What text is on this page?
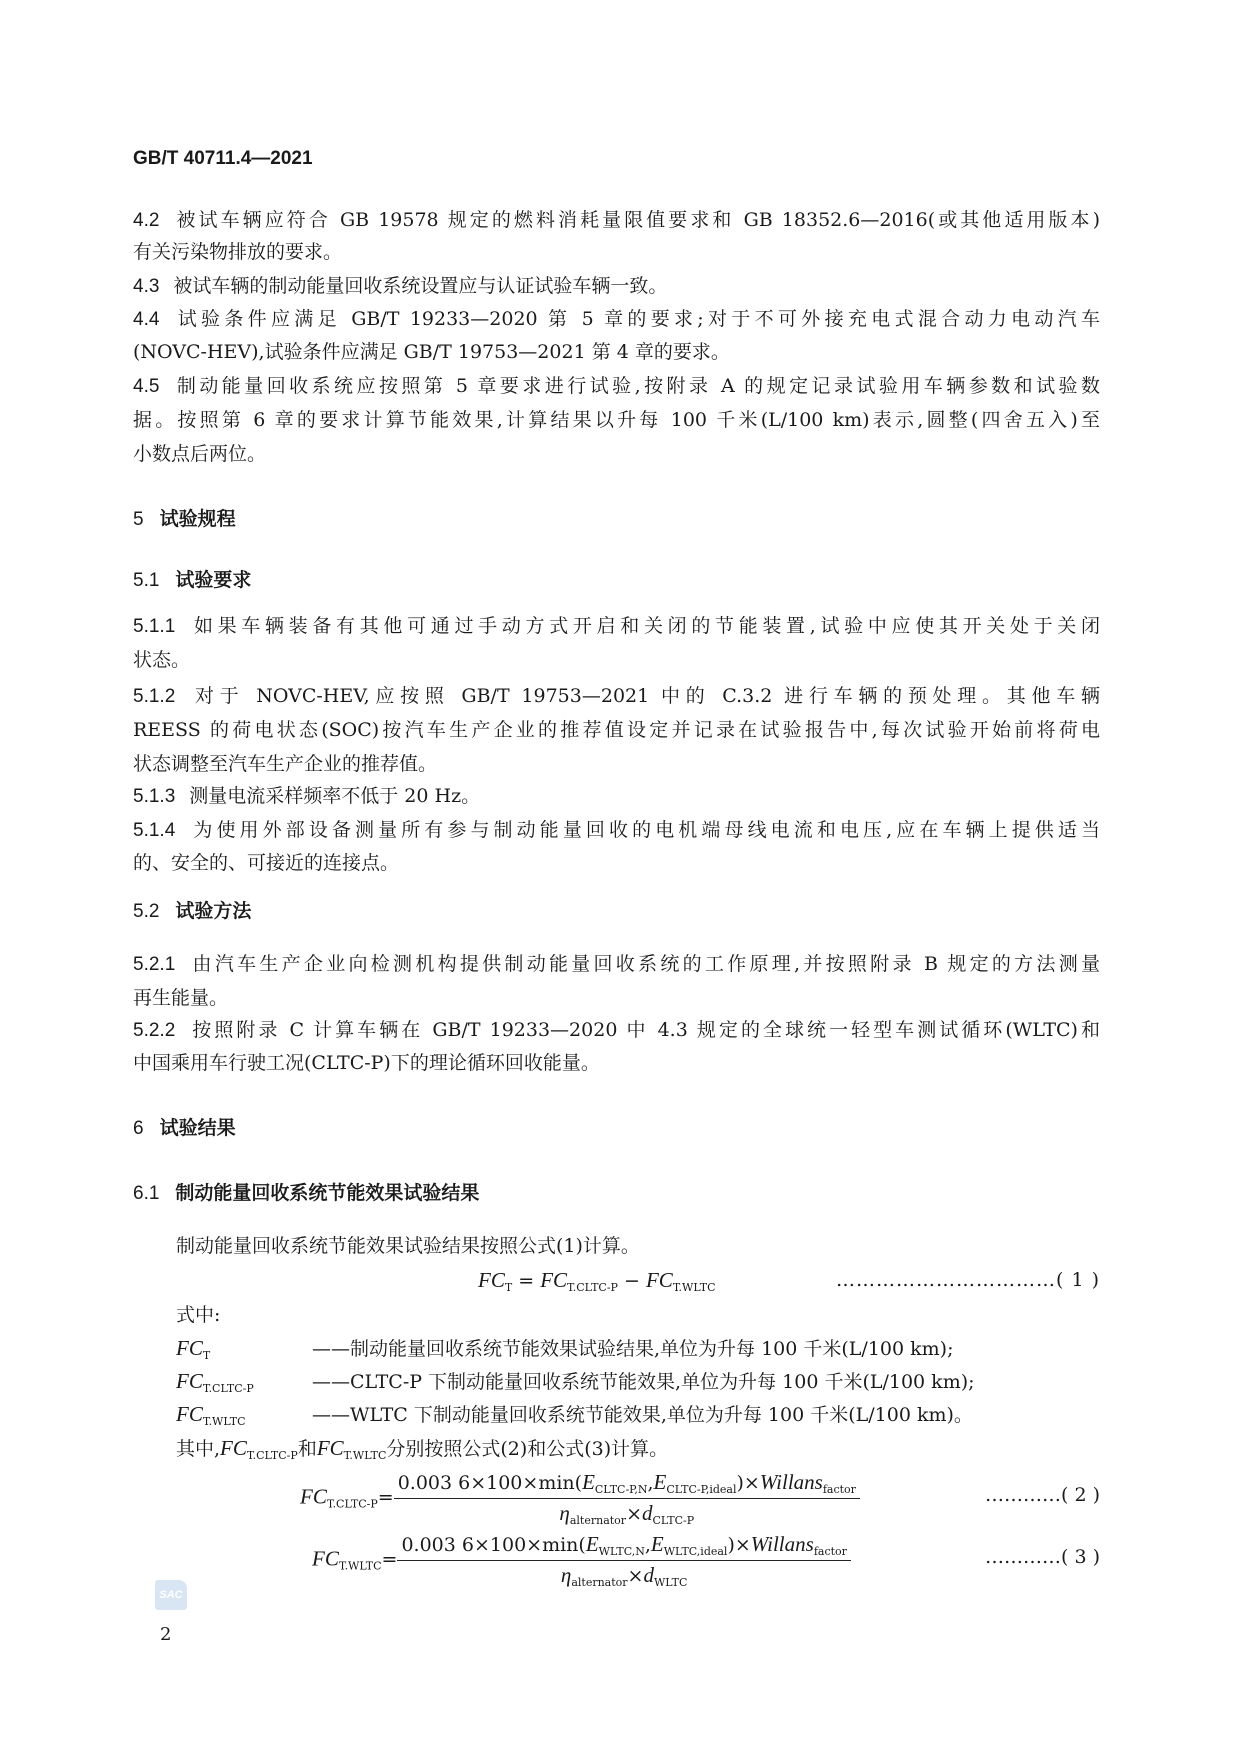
GB/T 40711.4—2021
4.2 被试车辆应符合 GB 19578 规定的燃料消耗量限值要求和 GB 18352.6—2016(或其他适用版本)
有关污染物排放的要求。
4.3 被试车辆的制动能量回收系统设置应与认证试验车辆一致。
4.4 试验条件应满足 GB/T 19233—2020 第 5 章的要求;对于不可外接充电式混合动力电动汽车
(NOVC-HEV),试验条件应满足 GB/T 19753—2021 第 4 章的要求。
4.5 制动能量回收系统应按照第 5 章要求进行试验,按附录 A 的规定记录试验用车辆参数和试验数
据。按照第 6 章的要求计算节能效果,计算结果以升每 100 千米(L/100 km)表示,圆整(四舍五入)至
小数点后两位。
5.1.1 如果车辆装备有其他可通过手动方式开启和关闭的节能装置,试验中应使其开关处于关闭
状态。
5.1.2 对于 NOVC-HEV,应按照 GB/T 19753—2021 中的 C.3.2 进行车辆的预处理。其他车辆
REESS 的荷电状态(SOC)按汽车生产企业的推荐值设定并记录在试验报告中,每次试验开始前将荷电
状态调整至汽车生产企业的推荐值。
5.1.3 测量电流采样频率不低于 20 Hz。
5.1.4 为使用外部设备测量所有参与制动能量回收的电机端母线电流和电压,应在车辆上提供适当
的、安全的、可接近的连接点。
5.2.1 由汽车生产企业向检测机构提供制动能量回收系统的工作原理,并按照附录 B 规定的方法测量
再生能量。
5.2.2 按照附录 C 计算车辆在 GB/T 19233—2020 中 4.3 规定的全球统一轻型车测试循环(WLTC)和
中国乘用车行驶工况(CLTC-P)下的理论循环回收能量。
5 试验规程
5.1 试验要求
5.2 试验方法
6 试验结果
6.1 制动能量回收系统节能效果试验结果
制动能量回收系统节能效果试验结果按照公式(1)计算。
$FC_T = FC_{T.CLTC-P} - FC_{T.WLTC}$	……………………………( 1 )
式中:
$FC_T$	——制动能量回收系统节能效果试验结果,单位为升每 100 千米(L/100 km);
$FC_{T.CLTC-P}$	——CLTC-P 下制动能量回收系统节能效果,单位为升每 100 千米(L/100 km);
$FC_{T.WLTC}$	——WLTC 下制动能量回收系统节能效果,单位为升每 100 千米(L/100 km)。
其中$,FC_{T.CLTC-P}$和$FC_{T.WLTC}$分别按照公式(2)和公式(3)计算。
$FC_{T.CLTC-P}= \frac{0.003 6\times 100\times\min(E_{CLTC-P,N},E_{CLTC-P,ideal})\times Willans_{factor}}{\eta_{alternator}\times d_{CLTC-P}}$	…………( 2 )
$FC_{T.WLTC}= \frac{0.003 6\times 100\times\min(E_{WLTC,N},E_{WLTC,ideal})\times Willans_{factor}}{\eta_{alternator}\times d_{WLTC}}$	…………( 3 )
SAC
2
